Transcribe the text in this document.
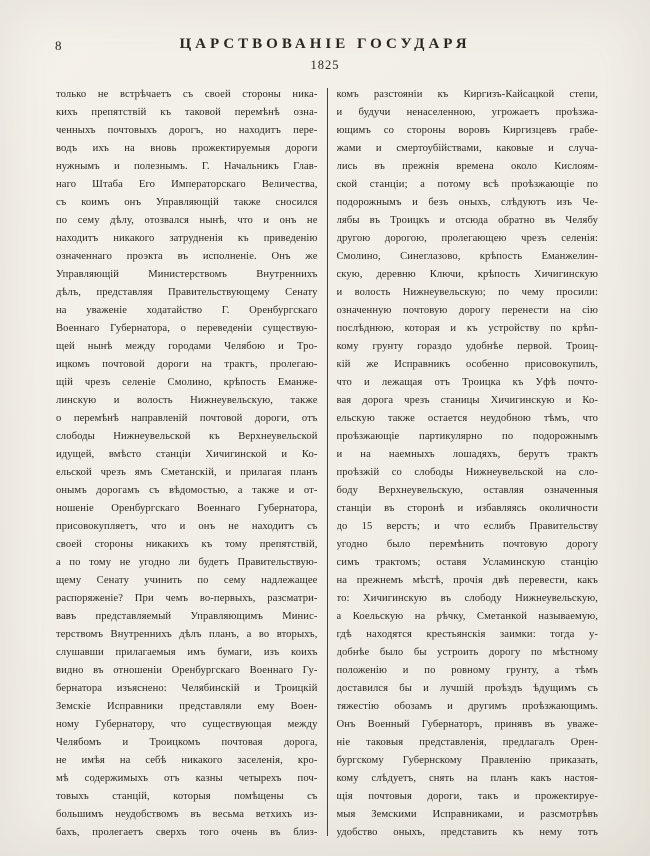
8	ЦАРСТВОВАНІЕ ГОСУДАРЯ
1825
только не встрѣчаетъ съ своей стороны ника-
кихъ препятствій къ таковой перемѣнѣ озна-
ченныхъ почтовыхъ дорогъ, но находитъ пере-
водъ ихъ на вновь прожектируемыя дороги
нужнымъ и полезнымъ. Г. Начальникъ Глав-
наго Штаба Его Императорскаго Величества,
съ коимъ онъ Управляющій также сносился
по сему дѣлу, отозвался нынѣ, что и онъ не
находитъ никакого затрудненія къ приведенію
означеннаго проэкта въ исполненіе. Онъ же
Управляющій Министерствомъ Внутреннихъ
дѣлъ, представляя Правительствующему Сенату
на уваженіе ходатайство Г. Оренбургскаго
Военнаго Губернатора, о переведеніи существую-
щей нынѣ между городами Челябою и Тро-
ицкомъ почтовой дороги на трактъ, пролегаю-
щій чрезъ селеніе Смолино, крѣпость Еманже-
линскую и волость Нижнеувельскую, также
о перемѣнѣ направленій почтовой дороги, отъ
слободы Нижнеувельской къ Верхнеувельской
идущей, вмѣсто станціи Хичигинской и Ко-
ельской чрезъ ямъ Сметанскій, и прилагая планъ
онымъ дорогамъ съ вѣдомостью, а также и от-
ношеніе Оренбургскаго Военнаго Губернатора,
присовокупляетъ, что и онъ не находитъ съ
своей стороны никакихъ къ тому препятствій,
а по тому не угодно ли будетъ Правительствую-
щему Сенату учинить по сему надлежащее
распоряженіе? При чемъ во-первыхъ, разсматри-
вавъ представляемый Управляющимъ Минис-
терствомъ Внутреннихъ дѣлъ планъ, а во вторыхъ,
слушавши прилагаемыя имъ бумаги, изъ коихъ
видно въ отношеніи Оренбургскаго Военнаго Гу-
бернатора изъяснено: Челябинскій и Троицкій
Земскіе Исправники представляли ему Воен-
ному Губернатору, что существующая между
Челябомъ и Троицкомъ почтовая дорога,
не имѣя на себѣ никакого заселенія, кро-
мѣ содержимыхъ отъ казны четырехъ поч-
товыхъ станцій, которыя помѣщены съ
большимъ неудобствомъ въ весьма ветхихъ из-
бахъ, пролегаетъ сверхъ того очень въ близ-
комъ разстояніи къ Киргизъ-Кайсацкой степи,
и будучи ненаселенною, угрожаетъ проѣзжа-
ющимъ со стороны воровъ Киргизцевъ грабе-
жами и смертоубійствами, каковые и случа-
лись въ прежнія времена около Кислоям-
ской станціи; а потому всѣ проѣзжающіе по
подорожнымъ и безъ оныхъ, слѣдуютъ изъ Че-
лябы въ Троицкъ и отсюда обратно въ Челябу
другою дорогою, пролегающею чрезъ селенія:
Смолино, Синеглазово, крѣпость Еманжелин-
скую, деревню Ключи, крѣпость Хичигинскую
и волость Нижнеувельскую; по чему просили:
означенную почтовую дорогу перенести на сію
послѣднюю, которая и къ устройству по крѣп-
кому грунту гораздо удобнѣе первой. Троиц-
кій же Исправникъ особенно присовокупилъ,
что и лежащая отъ Троицка къ Уфѣ почто-
вая дорога чрезъ станицы Хичигинскую и Ко-
ельскую также остается неудобною тѣмъ, что
проѣзжающіе партикулярно по подорожнымъ
и на наемныхъ лошадяхъ, берутъ трактъ
проѣзжій со слободы Нижнеувельской на сло-
боду Верхнеувельскую, оставляя означенныя
станціи въ сторонѣ и избавляясь околичности
до 15 верстъ; и что еслибъ Правительству
угодно было перемѣнить почтовую дорогу
симъ трактомъ; оставя Усламинскую станцію
на прежнемъ мѣстѣ, прочія двѣ перевести, какъ
то: Хичигинскую въ слободу Нижнеувельскую,
а Коельскую на рѣчку, Сметанкой называемую,
гдѣ находятся крестьянскія заимки: тогда у-
добнѣе было бы устроить дорогу по мѣстному
положенію и по ровному грунту, а тѣмъ
доставился бы и лучшій проѣздъ ѣдущимъ съ
тяжестію обозамъ и другимъ проѣзжающимъ.
Онъ Военный Губернаторъ, принявъ въ уваже-
ніе таковыя представленія, предлагалъ Орен-
бургскому Губернскому Правленію приказать,
кому слѣдуетъ, снять на планъ какъ настоя-
щія почтовыя дороги, такъ и прожектируе-
мыя Земскими Исправниками, и разсмотрѣвъ
удобство оныхъ, представить къ нему тотъ
